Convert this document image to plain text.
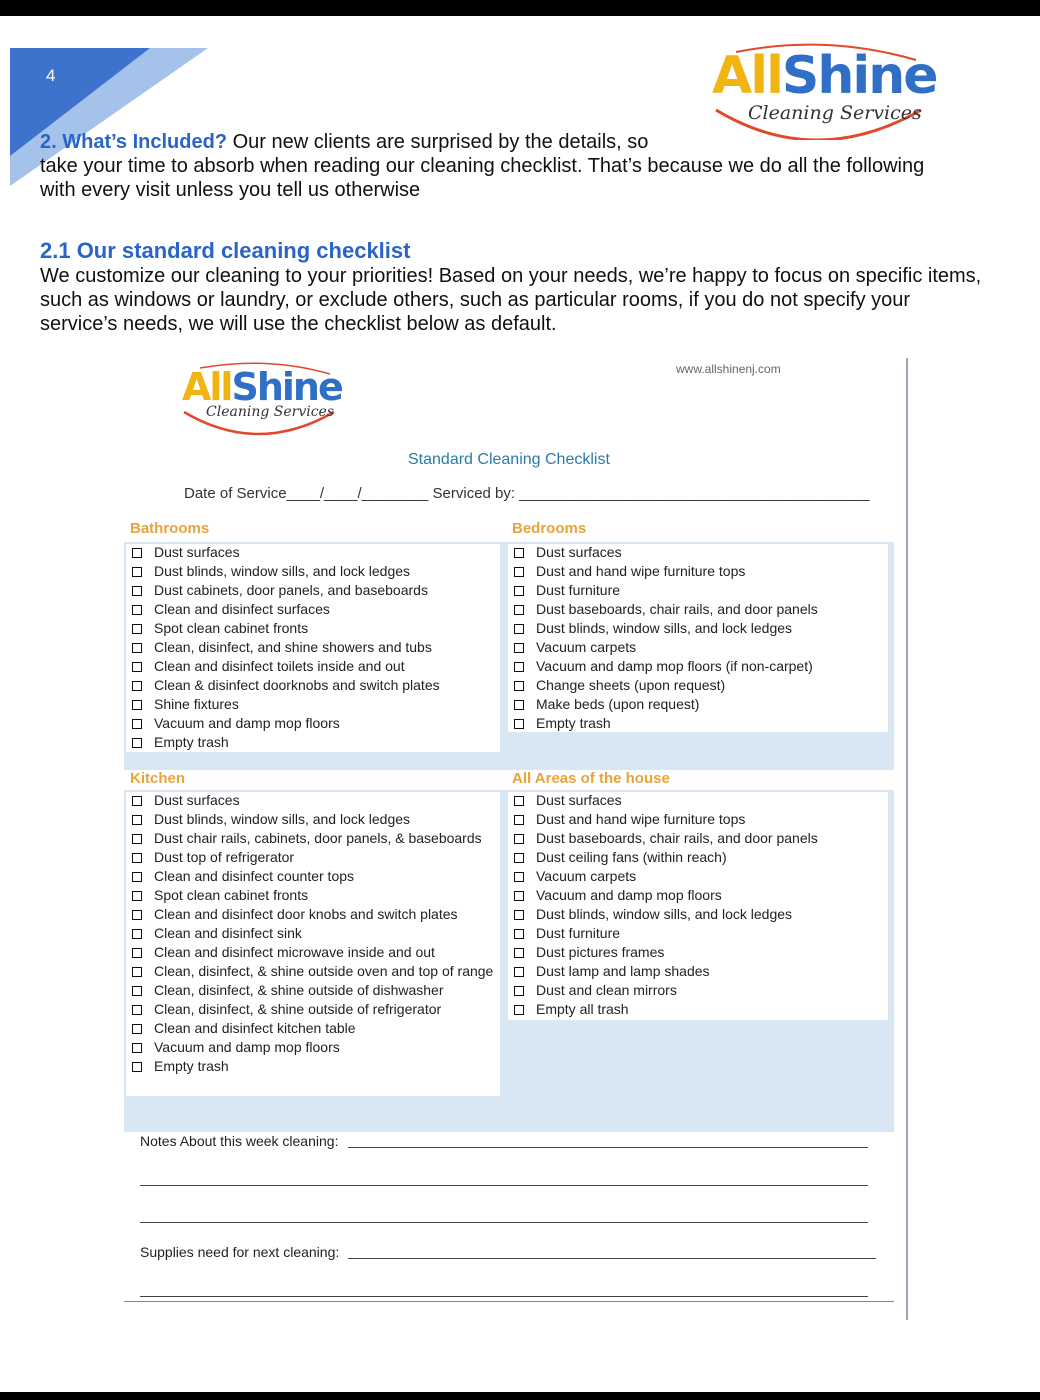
4	AllShine
Cleaning Services
2. What’s Included? Our new clients are surprised by the details, so
take your time to absorb when reading our cleaning checklist. That’s because we do all the following
with every visit unless you tell us otherwise
2.1 Our standard cleaning checklist
We customize our cleaning to your priorities! Based on your needs, we’re happy to focus on specific items, such as windows or laundry, or exclude others, such as particular rooms, if you do not specify your service’s needs, we will use the checklist below as default.
AllShine
Cleaning Services
www.allshinenj.com
Standard Cleaning Checklist
Date of Service____/____/________ Serviced by: __________________________________________
Bathrooms
Dust surfaces
Dust blinds, window sills, and lock ledges
Dust cabinets, door panels, and baseboards
Clean and disinfect surfaces
Spot clean cabinet fronts
Clean, disinfect, and shine showers and tubs
Clean and disinfect toilets inside and out
Clean & disinfect doorknobs and switch plates
Shine fixtures
Vacuum and damp mop floors
Empty trash
Bedrooms
Dust surfaces
Dust and hand wipe furniture tops
Dust furniture
Dust baseboards, chair rails, and door panels
Dust blinds, window sills, and lock ledges
Vacuum carpets
Vacuum and damp mop floors (if non-carpet)
Change sheets (upon request)
Make beds (upon request)
Empty trash
Kitchen
Dust surfaces
Dust blinds, window sills, and lock ledges
Dust chair rails, cabinets, door panels, & baseboards
Dust top of refrigerator
Clean and disinfect counter tops
Spot clean cabinet fronts
Clean and disinfect door knobs and switch plates
Clean and disinfect sink
Clean and disinfect microwave inside and out
Clean, disinfect, & shine outside oven and top of range
Clean, disinfect, & shine outside of dishwasher
Clean, disinfect, & shine outside of refrigerator
Clean and disinfect kitchen table
Vacuum and damp mop floors
Empty trash
All Areas of the house
Dust surfaces
Dust and hand wipe furniture tops
Dust baseboards, chair rails, and door panels
Dust ceiling fans (within reach)
Vacuum carpets
Vacuum and damp mop floors
Dust blinds, window sills, and lock ledges
Dust furniture
Dust pictures frames
Dust lamp and lamp shades
Dust and clean mirrors
Empty all trash
Notes About this week cleaning:
Supplies need for next cleaning:
